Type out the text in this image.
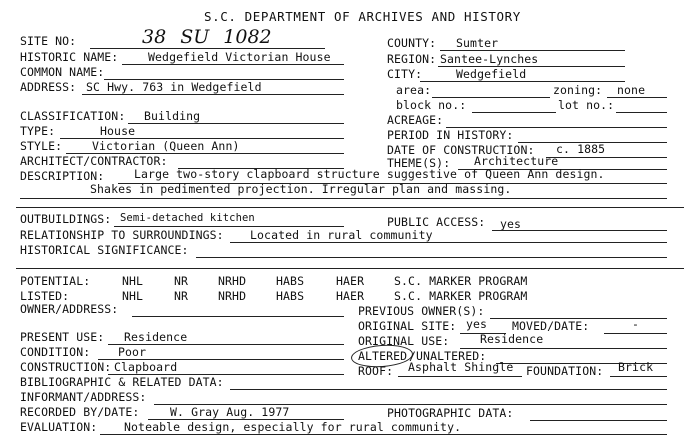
S.C. DEPARTMENT OF ARCHIVES AND HISTORY
SITE NO:	38 SU 1082	COUNTY: Sumter
HISTORIC NAME:	Wedgefield Victorian House	REGION: Santee-Lynches
COMMON NAME:	CITY:	Wedgefield
ADDRESS: SC Hwy. 763 in Wedgefield	area:	zoning: none
block no.:	lot no.:
CLASSIFICATION: Building	ACREAGE:
TYPE:	House	PERIOD IN HISTORY:
STYLE:	Victorian (Queen Ann)	DATE OF CONSTRUCTION: c. 1885
ARCHITECT/CONTRACTOR:	THEME(S): Architecture
DESCRIPTION:	Large two-story clapboard structure suggestive of Queen Ann design.
Shakes in pedimented projection. Irregular plan and massing.
OUTBUILDINGS: Semi-detached kitchen	PUBLIC ACCESS: yes
RELATIONSHIP TO SURROUNDINGS: Located in rural community
HISTORICAL SIGNIFICANCE:
POTENTIAL:	NHL	NR	NRHD	HABS	HAER	S.C. MARKER PROGRAM
LISTED:	NHL	NR	NRHD	HABS	HAER	S.C. MARKER PROGRAM
OWNER/ADDRESS:	PREVIOUS OWNER(S):
ORIGINAL SITE: yes MOVED/DATE:	-
PRESENT USE: Residence	ORIGINAL USE:	Residence
CONDITION: Poor	ALTERED /UNALTERED:
CONSTRUCTION: Clapboard	ROOF: Asphalt Shingle FOUNDATION: Brick
BIBLIOGRAPHIC & RELATED DATA:
INFORMANT/ADDRESS:
RECORDED BY/DATE:	W. Gray Aug. 1977	PHOTOGRAPHIC DATA:
EVALUATION: Noteable design, especially for rural community.
